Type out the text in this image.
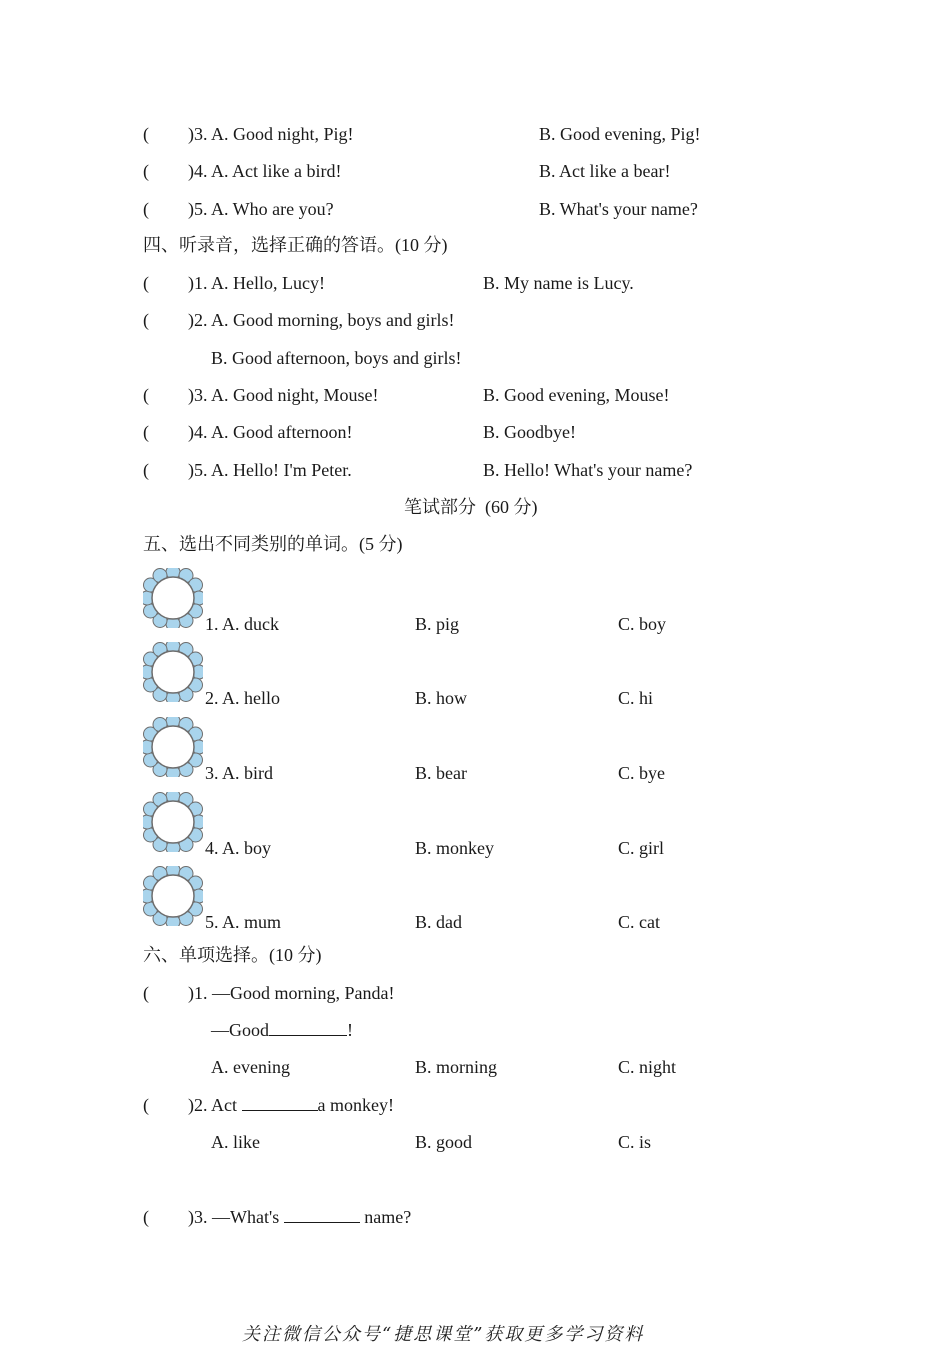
( )3. A. Good night, Pig!	B. Good evening, Pig!
( )4. A. Act like a bird!	B. Act like a bear!
( )5. A. Who are you?	B. What's your name?
四、听录音，选择正确的答语。(10 分)
( )1. A. Hello, Lucy!	B. My name is Lucy.
( )2. A. Good morning, boys and girls!
B. Good afternoon, boys and girls!
( )3. A. Good night, Mouse!	B. Good evening, Mouse!
( )4. A. Good afternoon!	B. Goodbye!
( )5. A. Hello! I'm Peter.	B. Hello! What's your name?
笔试部分  (60 分)
五、选出不同类别的单词。(5 分)
1. A. duck	B. pig	C. boy
2. A. hello	B. how	C. hi
3. A. bird	B. bear	C. bye
4. A. boy	B. monkey	C. girl
5. A. mum	B. dad	C. cat
六、单项选择。(10 分)
( )1. —Good morning, Panda!
—Good	!
A. evening	B. morning	C. night
( )2. Act	a monkey!
A. like	B. good	C. is
( )3. —What's	name?
关注微信公众号“捷思课堂”获取更多学习资料
